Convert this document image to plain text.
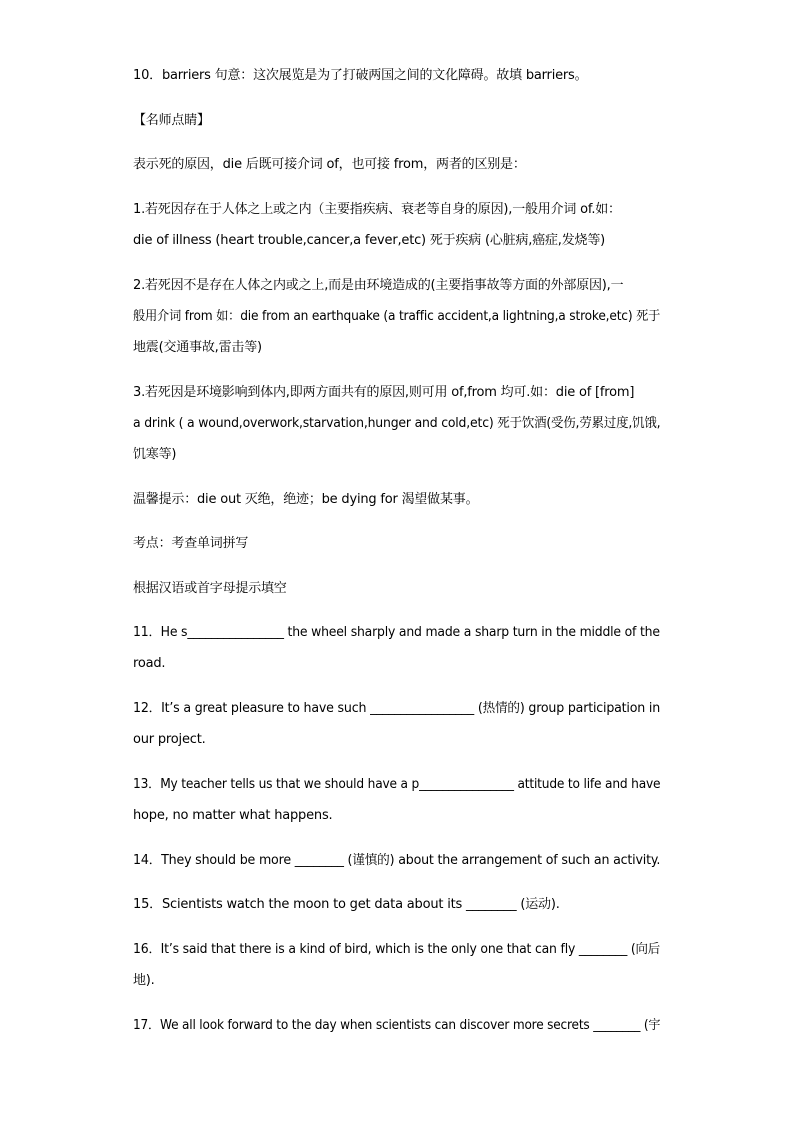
10．barriers 句意：这次展览是为了打破两国之间的文化障碍。故填 barriers。
【名师点睛】
表示死的原因，die 后既可接介词 of，也可接 from，两者的区别是：
1.若死因存在于人体之上或之内（主要指疾病、衰老等自身的原因),一般用介词 of.如：
die of illness (heart trouble,cancer,a fever,etc) 死于疾病 (心脏病,癌症,发烧等)
2.若死因不是存在人体之内或之上,而是由环境造成的(主要指事故等方面的外部原因),一
般用介词 from 如：die from an earthquake (a traffic accident,a lightning,a stroke,etc) 死于
地震(交通事故,雷击等)
3.若死因是环境影响到体内,即两方面共有的原因,则可用 of,from 均可.如：die of [from]
a drink ( a wound,overwork,starvation,hunger and cold,etc) 死于饮酒(受伤,劳累过度,饥饿,
饥寒等)
温馨提示：die out 灭绝，绝迹；be dying for 渴望做某事。
考点：考查单词拼写
根据汉语或首字母提示填空
11．He s________________ the wheel sharply and made a sharp turn in the middle of the
road.
12．It’s a great pleasure to have such _________________ (热情的) group participation in
our project.
13．My teacher tells us that we should have a p________________ attitude to life and have
hope, no matter what happens.
14．They should be more ________ (谨慎的) about the arrangement of such an activity.
15．Scientists watch the moon to get data about its ________ (运动).
16．It’s said that there is a kind of bird, which is the only one that can fly ________ (向后
地).
17．We all look forward to the day when scientists can discover more secrets ________ (宇
